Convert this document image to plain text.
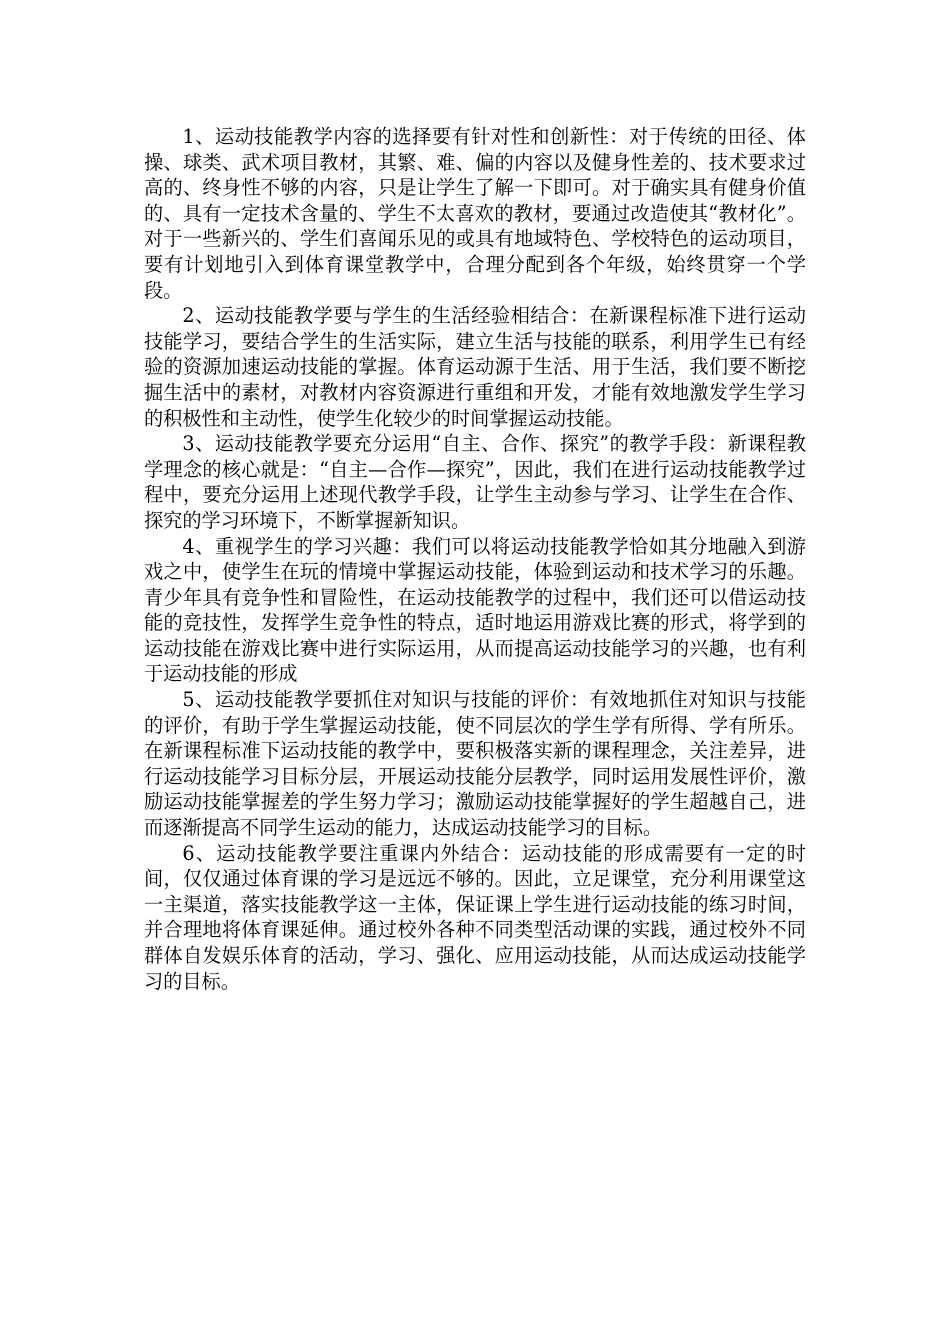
1、运动技能教学内容的选择要有针对性和创新性：对于传统的田径、体操、球类、武术项目教材，其繁、难、偏的内容以及健身性差的、技术要求过高的、终身性不够的内容，只是让学生了解一下即可。对于确实具有健身价值的、具有一定技术含量的、学生不太喜欢的教材，要通过改造使其“教材化”。对于一些新兴的、学生们喜闻乐见的或具有地域特色、学校特色的运动项目，要有计划地引入到体育课堂教学中，合理分配到各个年级，始终贯穿一个学段。

2、运动技能教学要与学生的生活经验相结合：在新课程标准下进行运动技能学习，要结合学生的生活实际，建立生活与技能的联系，利用学生已有经验的资源加速运动技能的掌握。体育运动源于生活、用于生活，我们要不断挖掘生活中的素材，对教材内容资源进行重组和开发，才能有效地激发学生学习的积极性和主动性，使学生化较少的时间掌握运动技能。

3、运动技能教学要充分运用“自主、合作、探究”的教学手段：新课程教学理念的核心就是：“自主—合作—探究”，因此，我们在进行运动技能教学过程中，要充分运用上述现代教学手段，让学生主动参与学习、让学生在合作、探究的学习环境下，不断掌握新知识。

4、重视学生的学习兴趣：我们可以将运动技能教学恰如其分地融入到游戏之中，使学生在玩的情境中掌握运动技能，体验到运动和技术学习的乐趣。青少年具有竞争性和冒险性，在运动技能教学的过程中，我们还可以借运动技能的竞技性，发挥学生竞争性的特点，适时地运用游戏比赛的形式，将学到的运动技能在游戏比赛中进行实际运用，从而提高运动技能学习的兴趣，也有利于运动技能的形成

5、运动技能教学要抓住对知识与技能的评价：有效地抓住对知识与技能的评价，有助于学生掌握运动技能，使不同层次的学生学有所得、学有所乐。在新课程标准下运动技能的教学中，要积极落实新的课程理念，关注差异，进行运动技能学习目标分层，开展运动技能分层教学，同时运用发展性评价，激励运动技能掌握差的学生努力学习；激励运动技能掌握好的学生超越自己，进而逐渐提高不同学生运动的能力，达成运动技能学习的目标。

6、运动技能教学要注重课内外结合：运动技能的形成需要有一定的时间，仅仅通过体育课的学习是远远不够的。因此，立足课堂，充分利用课堂这一主渠道，落实技能教学这一主体，保证课上学生进行运动技能的练习时间，并合理地将体育课延伸。通过校外各种不同类型活动课的实践，通过校外不同群体自发娱乐体育的活动，学习、强化、应用运动技能，从而达成运动技能学习的目标。
